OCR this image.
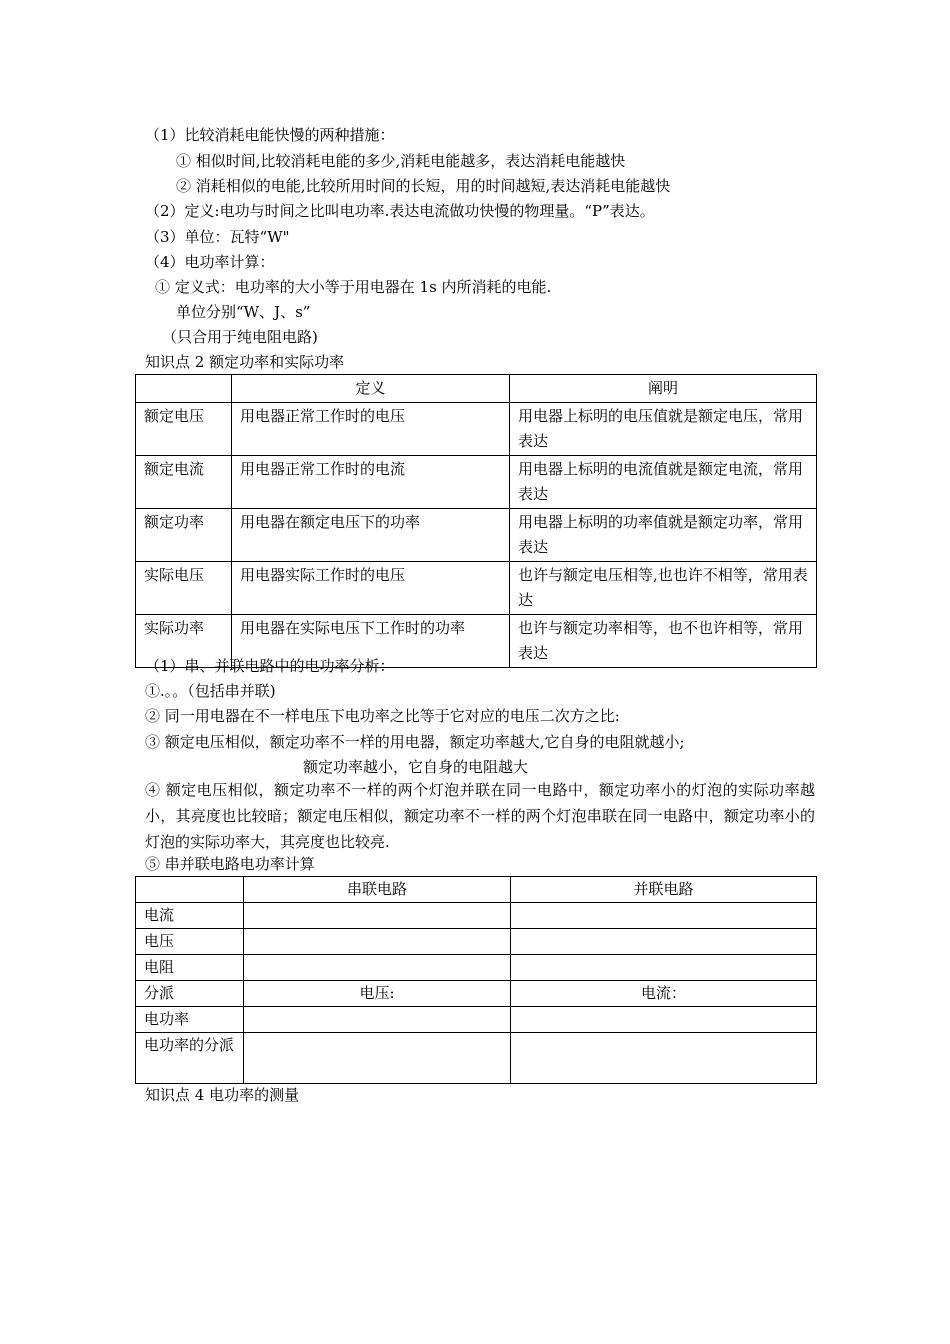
（1）比较消耗电能快慢的两种措施：
① 相似时间,比较消耗电能的多少,消耗电能越多，表达消耗电能越快
② 消耗相似的电能,比较所用时间的长短，用的时间越短,表达消耗电能越快
（2）定义:电功与时间之比叫电功率.表达电流做功快慢的物理量。“P”表达。
（3）单位：瓦特“W"
（4）电功率计算：
① 定义式：电功率的大小等于用电器在 1s 内所消耗的电能.
单位分别“W、J、s”
（只合用于纯电阻电路)
知识点 2 额定功率和实际功率
	定义	阐明
额定电压	用电器正常工作时的电压	用电器上标明的电压值就是额定电压，常用表达
额定电流	用电器正常工作时的电流	用电器上标明的电流值就是额定电流，常用表达
额定功率	用电器在额定电压下的功率	用电器上标明的功率值就是额定功率，常用表达
实际电压	用电器实际工作时的电压	也许与额定电压相等,也也许不相等，常用表达
实际功率	用电器在实际电压下工作时的功率	也许与额定功率相等，也不也许相等，常用表达
（1）串、并联电路中的电功率分析：
①.。。（包括串并联)
② 同一用电器在不一样电压下电功率之比等于它对应的电压二次方之比:
③ 额定电压相似，额定功率不一样的用电器，额定功率越大,它自身的电阻就越小;
额定功率越小，它自身的电阻越大
④ 额定电压相似，额定功率不一样的两个灯泡并联在同一电路中，额定功率小的灯泡的实际功率越小，其亮度也比较暗；额定电压相似，额定功率不一样的两个灯泡串联在同一电路中，额定功率小的灯泡的实际功率大，其亮度也比较亮.
⑤ 串并联电路电功率计算
	串联电路	并联电路
电流		
电压		
电阻		
分派	电压:	电流：
电功率		
电功率的分派		
知识点 4 电功率的测量
